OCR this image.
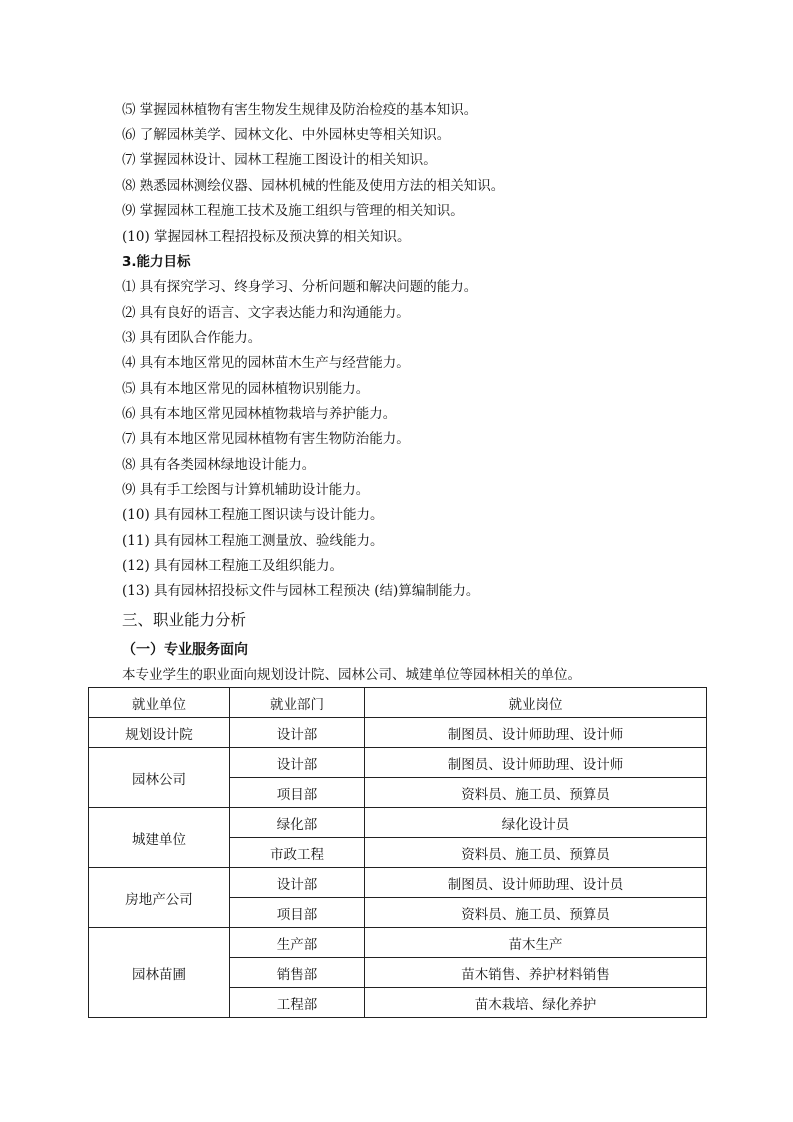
⑸ 掌握园林植物有害生物发生规律及防治检疫的基本知识。
⑹ 了解园林美学、园林文化、中外园林史等相关知识。
⑺ 掌握园林设计、园林工程施工图设计的相关知识。
⑻ 熟悉园林测绘仪器、园林机械的性能及使用方法的相关知识。
⑼ 掌握园林工程施工技术及施工组织与管理的相关知识。
(10) 掌握园林工程招投标及预决算的相关知识。
3.能力目标
⑴ 具有探究学习、终身学习、分析问题和解决问题的能力。
⑵ 具有良好的语言、文字表达能力和沟通能力。
⑶ 具有团队合作能力。
⑷ 具有本地区常见的园林苗木生产与经营能力。
⑸ 具有本地区常见的园林植物识别能力。
⑹ 具有本地区常见园林植物栽培与养护能力。
⑺ 具有本地区常见园林植物有害生物防治能力。
⑻ 具有各类园林绿地设计能力。
⑼ 具有手工绘图与计算机辅助设计能力。
(10) 具有园林工程施工图识读与设计能力。
(11) 具有园林工程施工测量放、验线能力。
(12) 具有园林工程施工及组织能力。
(13) 具有园林招投标文件与园林工程预决 (结)算编制能力。
三、职业能力分析
（一）专业服务面向
本专业学生的职业面向规划设计院、园林公司、城建单位等园林相关的单位。
就业单位	就业部门	就业岗位
规划设计院	设计部	制图员、设计师助理、设计师
园林公司	设计部	制图员、设计师助理、设计师
	项目部	资料员、施工员、预算员
城建单位	绿化部	绿化设计员
	市政工程	资料员、施工员、预算员
房地产公司	设计部	制图员、设计师助理、设计员
	项目部	资料员、施工员、预算员
园林苗圃	生产部	苗木生产
	销售部	苗木销售、养护材料销售
	工程部	苗木栽培、绿化养护
